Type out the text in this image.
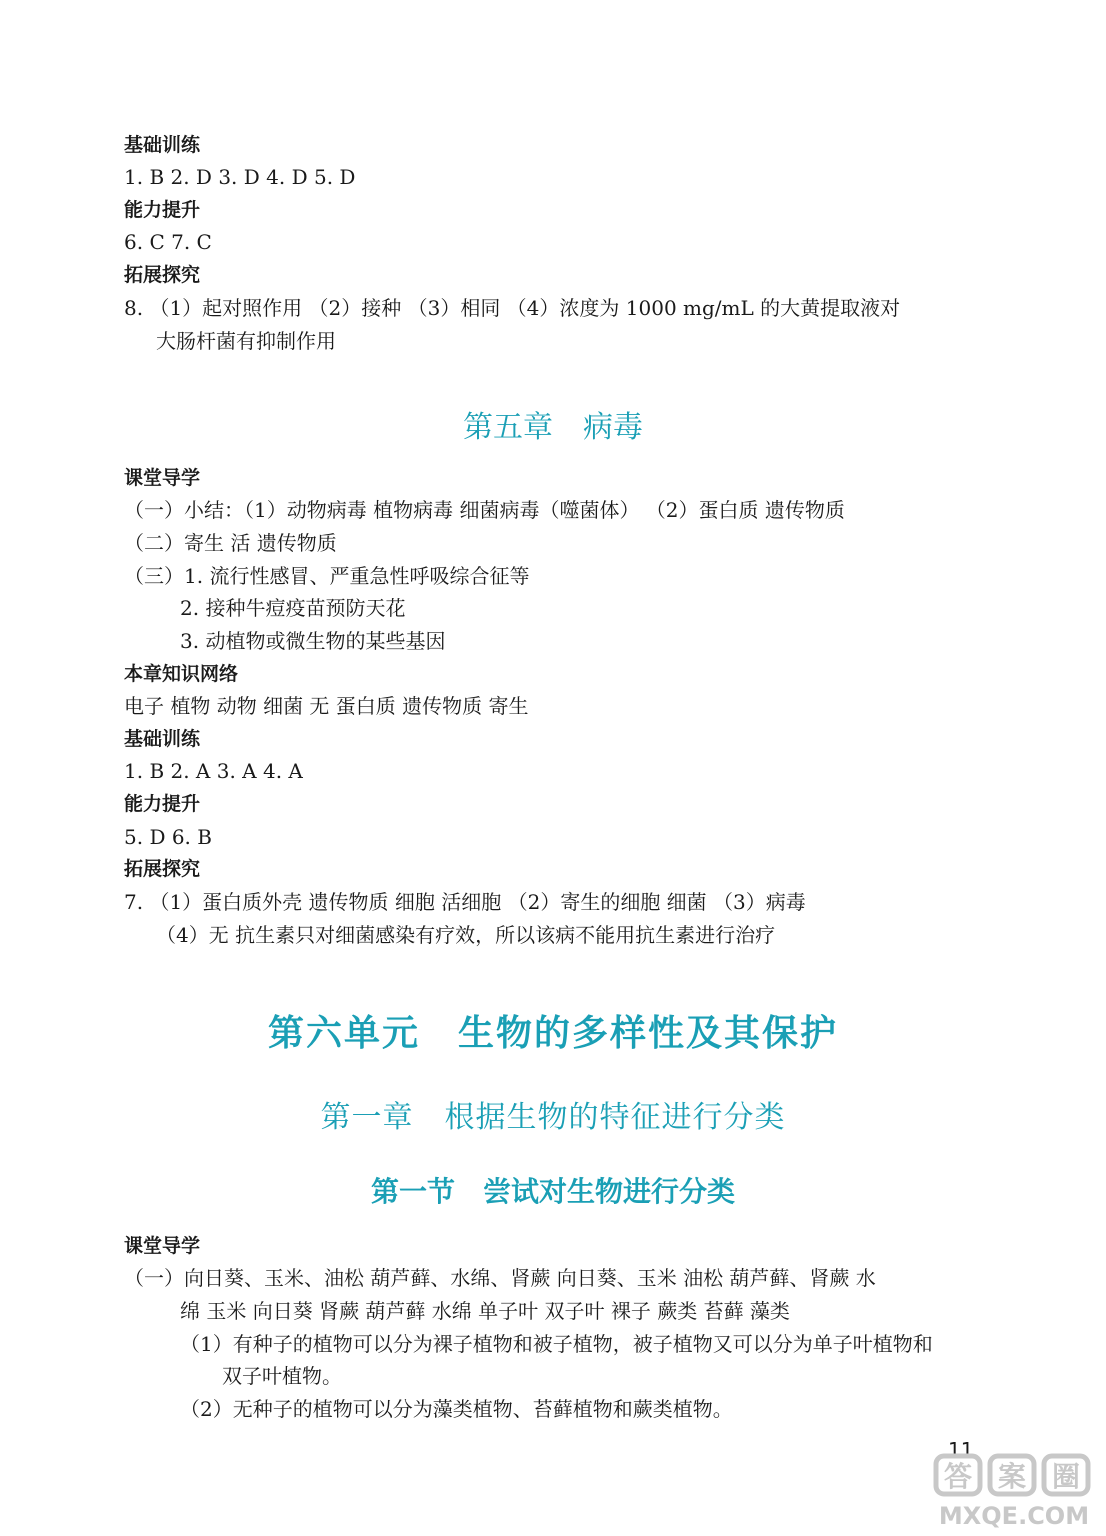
基础训练
1. B 2. D 3. D 4. D 5. D
能力提升
6. C 7. C
拓展探究
8. （1）起对照作用 （2）接种 （3）相同 （4）浓度为 1000 mg/mL 的大黄提取液对
大肠杆菌有抑制作用
第五章　病毒
课堂导学
（一）小结：（1）动物病毒 植物病毒 细菌病毒（噬菌体） （2）蛋白质 遗传物质
（二）寄生 活 遗传物质
（三）1. 流行性感冒、严重急性呼吸综合征等
2. 接种牛痘疫苗预防天花
3. 动植物或微生物的某些基因
本章知识网络
电子 植物 动物 细菌 无 蛋白质 遗传物质 寄生
基础训练
1. B 2. A 3. A 4. A
能力提升
5. D 6. B
拓展探究
7. （1）蛋白质外壳 遗传物质 细胞 活细胞 （2）寄生的细胞 细菌 （3）病毒
（4）无 抗生素只对细菌感染有疗效，所以该病不能用抗生素进行治疗
第六单元　生物的多样性及其保护
第一章　根据生物的特征进行分类
第一节　尝试对生物进行分类
课堂导学
（一）向日葵、玉米、油松 葫芦藓、水绵、肾蕨 向日葵、玉米 油松 葫芦藓、肾蕨 水
绵 玉米 向日葵 肾蕨 葫芦藓 水绵 单子叶 双子叶 裸子 蕨类 苔藓 藻类
（1）有种子的植物可以分为裸子植物和被子植物，被子植物又可以分为单子叶植物和
双子叶植物。
（2）无种子的植物可以分为藻类植物、苔藓植物和蕨类植物。
11
答 案 圈
MXQE.COM
